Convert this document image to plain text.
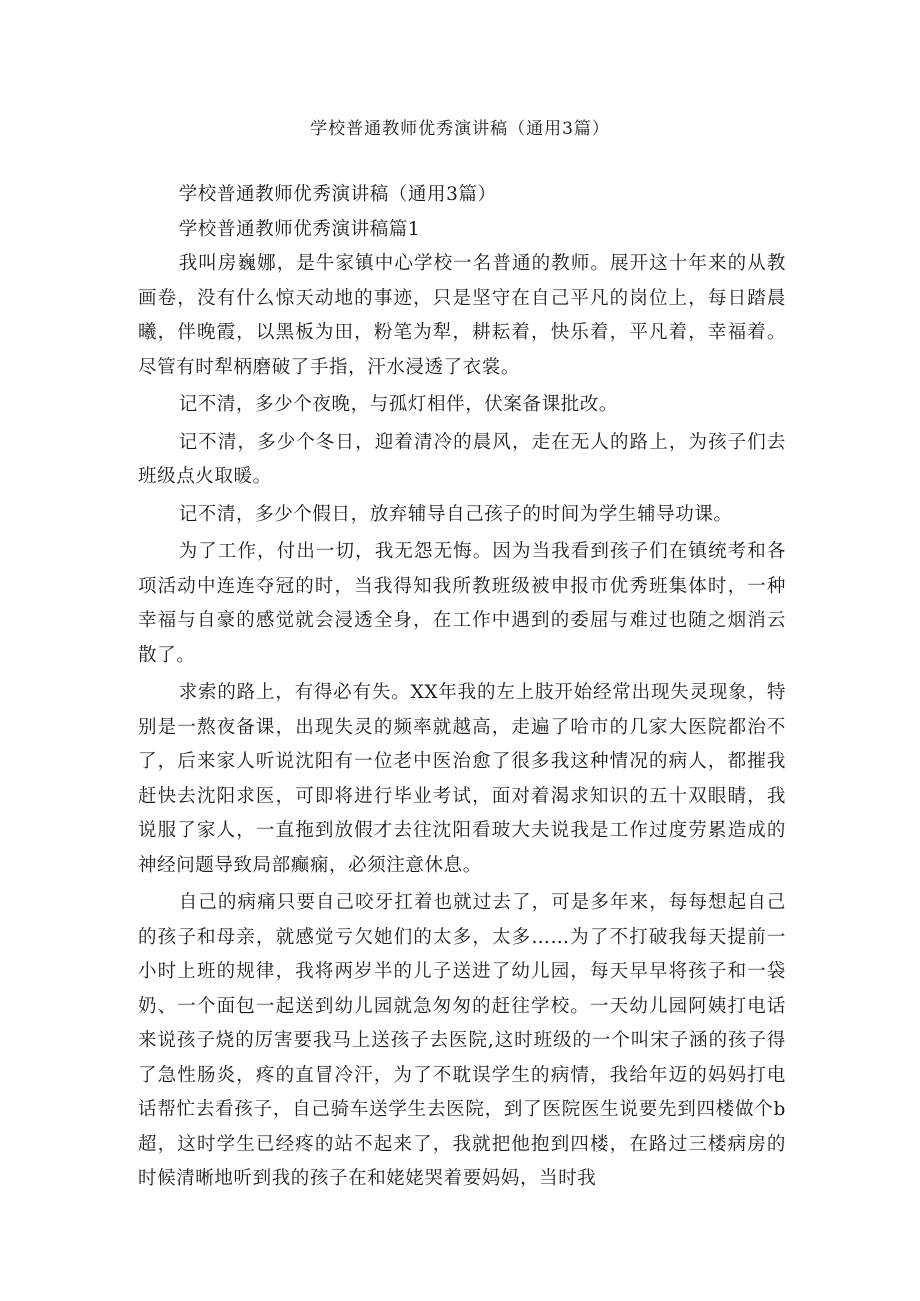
学校普通教师优秀演讲稿（通用3篇）

学校普通教师优秀演讲稿（通用3篇）

学校普通教师优秀演讲稿篇1

我叫房巍娜，是牛家镇中心学校一名普通的教师。展开这十年来的从教画卷，没有什么惊天动地的事迹，只是坚守在自己平凡的岗位上，每日踏晨曦，伴晚霞，以黑板为田，粉笔为犁，耕耘着，快乐着，平凡着，幸福着。尽管有时犁柄磨破了手指，汗水浸透了衣裳。

记不清，多少个夜晚，与孤灯相伴，伏案备课批改。

记不清，多少个冬日，迎着清冷的晨风，走在无人的路上，为孩子们去班级点火取暖。

记不清，多少个假日，放弃辅导自己孩子的时间为学生辅导功课。

为了工作，付出一切，我无怨无悔。因为当我看到孩子们在镇统考和各项活动中连连夺冠的时，当我得知我所教班级被申报市优秀班集体时，一种幸福与自豪的感觉就会浸透全身，在工作中遇到的委屈与难过也随之烟消云散了。

求索的路上，有得必有失。XX年我的左上肢开始经常出现失灵现象，特别是一熬夜备课，出现失灵的频率就越高，走遍了哈市的几家大医院都治不了，后来家人听说沈阳有一位老中医治愈了很多我这种情况的病人，都摧我赶快去沈阳求医，可即将进行毕业考试，面对着渴求知识的五十双眼睛，我说服了家人，一直拖到放假才去往沈阳看玻大夫说我是工作过度劳累造成的神经问题导致局部癫痫，必须注意休息。

自己的病痛只要自己咬牙扛着也就过去了，可是多年来，每每想起自己的孩子和母亲，就感觉亏欠她们的太多，太多……为了不打破我每天提前一小时上班的规律，我将两岁半的儿子送进了幼儿园，每天早早将孩子和一袋奶、一个面包一起送到幼儿园就急匆匆的赶往学校。一天幼儿园阿姨打电话来说孩子烧的厉害要我马上送孩子去医院,这时班级的一个叫宋子涵的孩子得了急性肠炎，疼的直冒冷汗，为了不耽误学生的病情，我给年迈的妈妈打电话帮忙去看孩子，自己骑车送学生去医院，到了医院医生说要先到四楼做个b超，这时学生已经疼的站不起来了，我就把他抱到四楼，在路过三楼病房的时候清晰地听到我的孩子在和姥姥哭着要妈妈，当时我
